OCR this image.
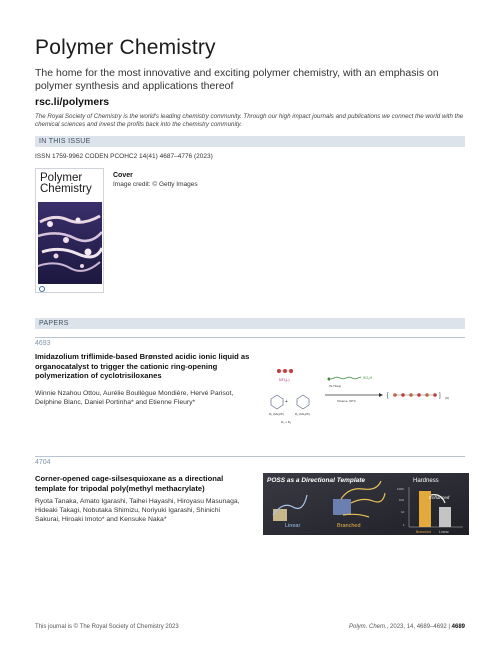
Polymer Chemistry
The home for the most innovative and exciting polymer chemistry, with an emphasis on polymer synthesis and applications thereof
rsc.li/polymers
The Royal Society of Chemistry is the world's leading chemistry community. Through our high impact journals and publications we connect the world with the chemical sciences and invest the profits back into the chemistry community.
IN THIS ISSUE
ISSN 1759-9962 CODEN PCOHC2 14(41) 4687–4776 (2023)
Polymer
Chemistry
Cover
Image credit: © Getty Images
PAPERS
4693
Imidazolium triflimide-based Brønsted acidic ionic liquid as organocatalyst to trigger the cationic ring-opening polymerization of cyclotrisiloxanes
Winnie Nzahou Ottou, Aurélie Boullègue Mondière, Hervé Parisot, Delphine Blanc, Daniel Portinha* and Etienne Fleury*
NTf₂(-)
D₃ (Me₂Ph)	D₄ (Me₂Ph)
+
D₃ + D₄
SO₃H
(S-TFeq)
Toluene, 90°C
[	] (S)
4704
Corner-opened cage-silsesquioxane as a directional template for tripodal poly(methyl methacrylate)
Ryota Tanaka, Amato Igarashi, Taihei Hayashi, Hiroyasu Masunaga, Hideaki Takagi, Nobutaka Shimizu, Noriyuki Igarashi, Shinichi Sakurai, Hiroaki Imoto* and Kensuke Naka*
POSS as a Directional Template
Linear	Branched
Hardness
1000
100
10
1
Enhanced
Branched Linear
This journal is © The Royal Society of Chemistry 2023	Polym. Chem., 2023, 14, 4689–4692 | 4689
